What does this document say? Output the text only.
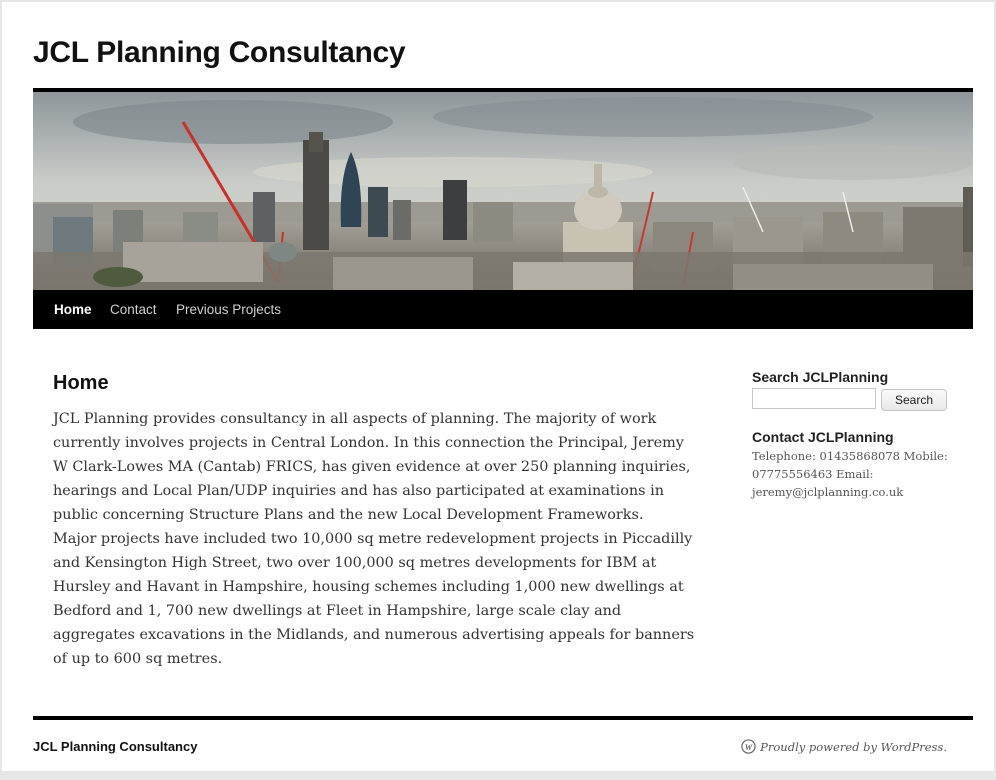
JCL Planning Consultancy
Home Contact Previous Projects
Home

JCL Planning provides consultancy in all aspects of planning. The majority of work currently involves projects in Central London. In this connection the Principal, Jeremy W Clark-Lowes MA (Cantab) FRICS, has given evidence at over 250 planning inquiries, hearings and Local Plan/UDP inquiries and has also participated at examinations in public concerning Structure Plans and the new Local Development Frameworks.

Major projects have included two 10,000 sq metre redevelopment projects in Piccadilly and Kensington High Street, two over 100,000 sq metres developments for IBM at Hursley and Havant in Hampshire, housing schemes including 1,000 new dwellings at Bedford and 1, 700 new dwellings at Fleet in Hampshire, large scale clay and aggregates excavations in the Midlands, and numerous advertising appeals for banners of up to 600 sq metres.

Search JCLPlanning
Search
Contact JCLPlanning
Telephone: 01435868078 Mobile: 07775556463 Email: jeremy@jclplanning.co.uk
JCL Planning Consultancy	W Proudly powered by WordPress.
